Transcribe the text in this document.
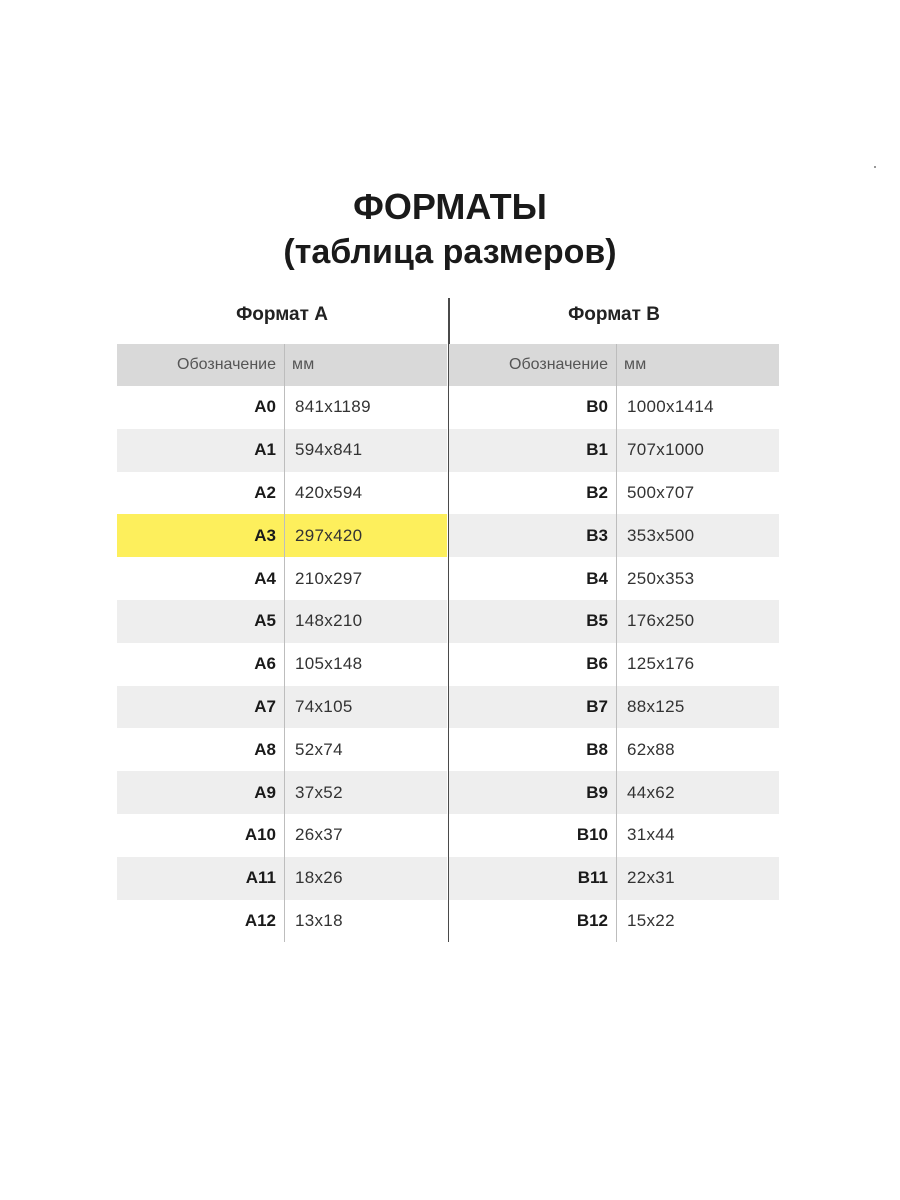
ФОРМАТЫ
(таблица размеров)
Формат А
Обозначение	мм
A0	841x1189
A1	594x841
A2	420x594
A3	297x420
A4	210x297
A5	148x210
A6	105x148
A7	74x105
A8	52x74
A9	37x52
A10	26x37
A11	18x26
A12	13x18
Формат В
Обозначение	мм
B0	1000x1414
B1	707x1000
B2	500x707
B3	353x500
B4	250x353
B5	176x250
B6	125x176
B7	88x125
B8	62x88
B9	44x62
B10	31x44
B11	22x31
B12	15x22
